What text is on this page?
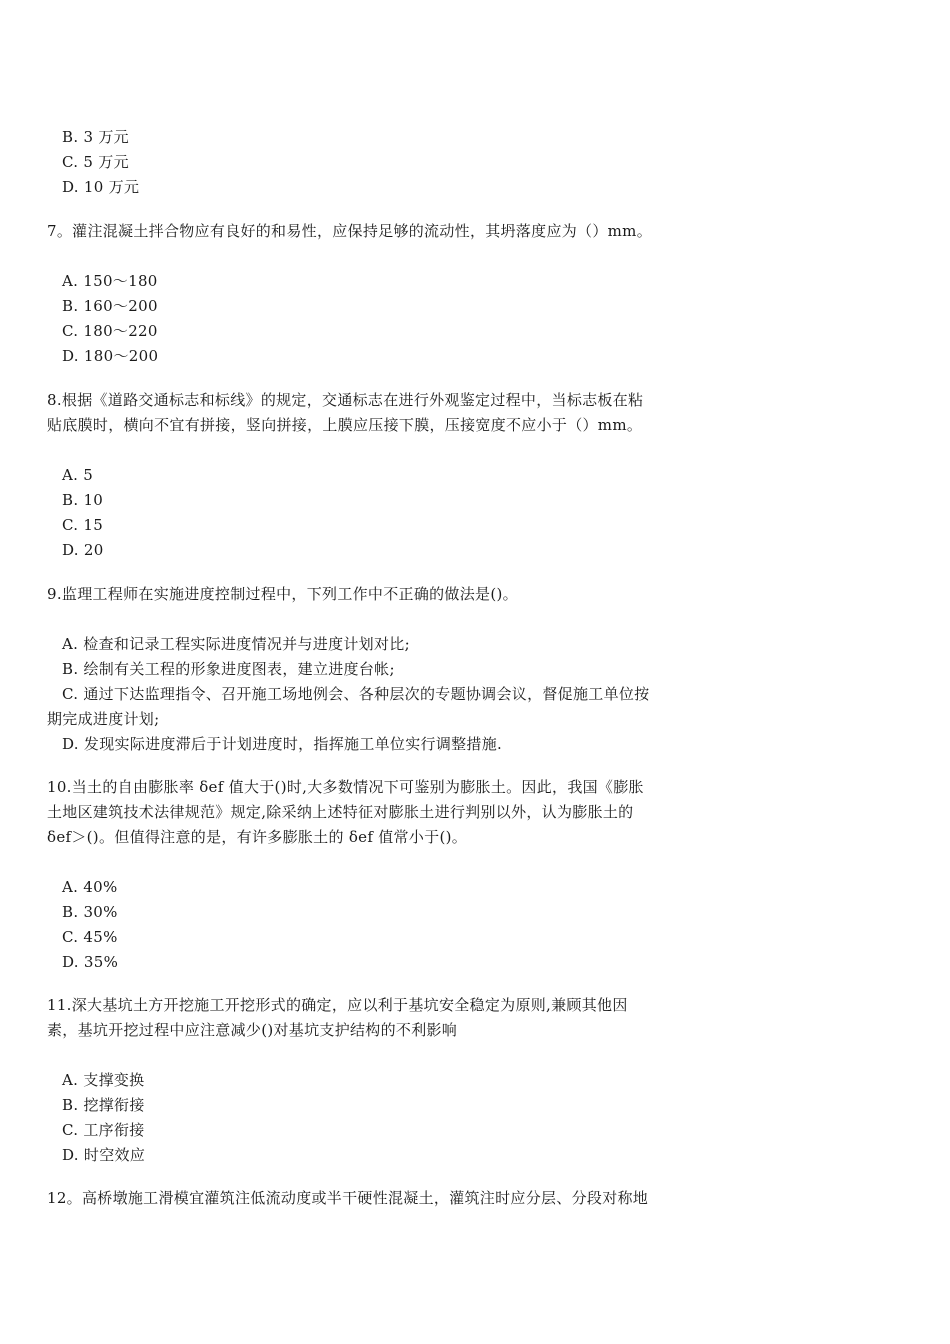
B. 3 万元
C. 5 万元
D. 10 万元
7。灌注混凝土拌合物应有良好的和易性，应保持足够的流动性，其坍落度应为（）mm。
A. 150～180
B. 160～200
C. 180～220
D. 180～200
8.根据《道路交通标志和标线》的规定，交通标志在进行外观鉴定过程中，当标志板在粘
贴底膜时，横向不宜有拼接，竖向拼接，上膜应压接下膜，压接宽度不应小于（）mm。
A. 5
B. 10
C. 15
D. 20
9.监理工程师在实施进度控制过程中，下列工作中不正确的做法是()。
A. 检查和记录工程实际进度情况并与进度计划对比;
B. 绘制有关工程的形象进度图表，建立进度台帐;
C. 通过下达监理指令、召开施工场地例会、各种层次的专题协调会议，督促施工单位按
期完成进度计划;
D. 发现实际进度滞后于计划进度时，指挥施工单位实行调整措施.
10.当土的自由膨胀率 δef 值大于()时,大多数情况下可鉴别为膨胀土。因此，我国《膨胀
土地区建筑技术法律规范》规定,除采纳上述特征对膨胀土进行判别以外，认为膨胀土的
δef＞()。但值得注意的是，有许多膨胀土的 δef 值常小于()。
A. 40%
B. 30%
C. 45%
D. 35%
11.深大基坑土方开挖施工开挖形式的确定，应以利于基坑安全稳定为原则,兼顾其他因
素，基坑开挖过程中应注意减少()对基坑支护结构的不利影响
A. 支撑变换
B. 挖撑衔接
C. 工序衔接
D. 时空效应
12。高桥墩施工滑模宜灌筑注低流动度或半干硬性混凝土，灌筑注时应分层、分段对称地
